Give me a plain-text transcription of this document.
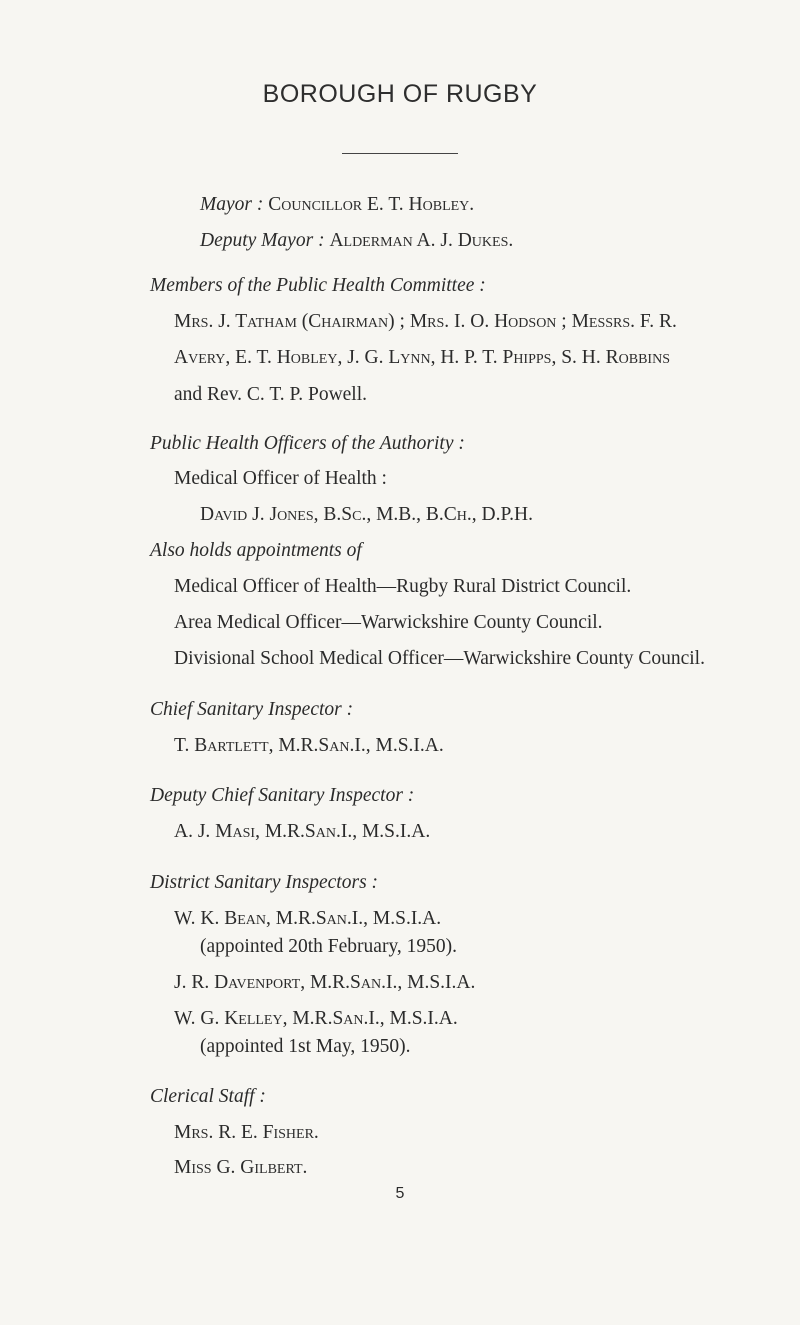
BOROUGH OF RUGBY
Mayor : Councillor E. T. Hobley.
Deputy Mayor : Alderman A. J. Dukes.
Members of the Public Health Committee :
Mrs. J. Tatham (Chairman) ; Mrs. I. O. Hodson ; Messrs. F. R.
Avery, E. T. Hobley, J. G. Lynn, H. P. T. Phipps, S. H. Robbins
and Rev. C. T. P. Powell.
Public Health Officers of the Authority :
Medical Officer of Health :
David J. Jones, B.Sc., M.B., B.Ch., D.P.H.
Also holds appointments of
Medical Officer of Health—Rugby Rural District Council.
Area Medical Officer—Warwickshire County Council.
Divisional School Medical Officer—Warwickshire County Council.
Chief Sanitary Inspector :
T. Bartlett, M.R.San.I., M.S.I.A.
Deputy Chief Sanitary Inspector :
A. J. Masi, M.R.San.I., M.S.I.A.
District Sanitary Inspectors :
W. K. Bean, M.R.San.I., M.S.I.A.
(appointed 20th February, 1950).
J. R. Davenport, M.R.San.I., M.S.I.A.
W. G. Kelley, M.R.San.I., M.S.I.A.
(appointed 1st May, 1950).
Clerical Staff :
Mrs. R. E. Fisher.
Miss G. Gilbert.
5
